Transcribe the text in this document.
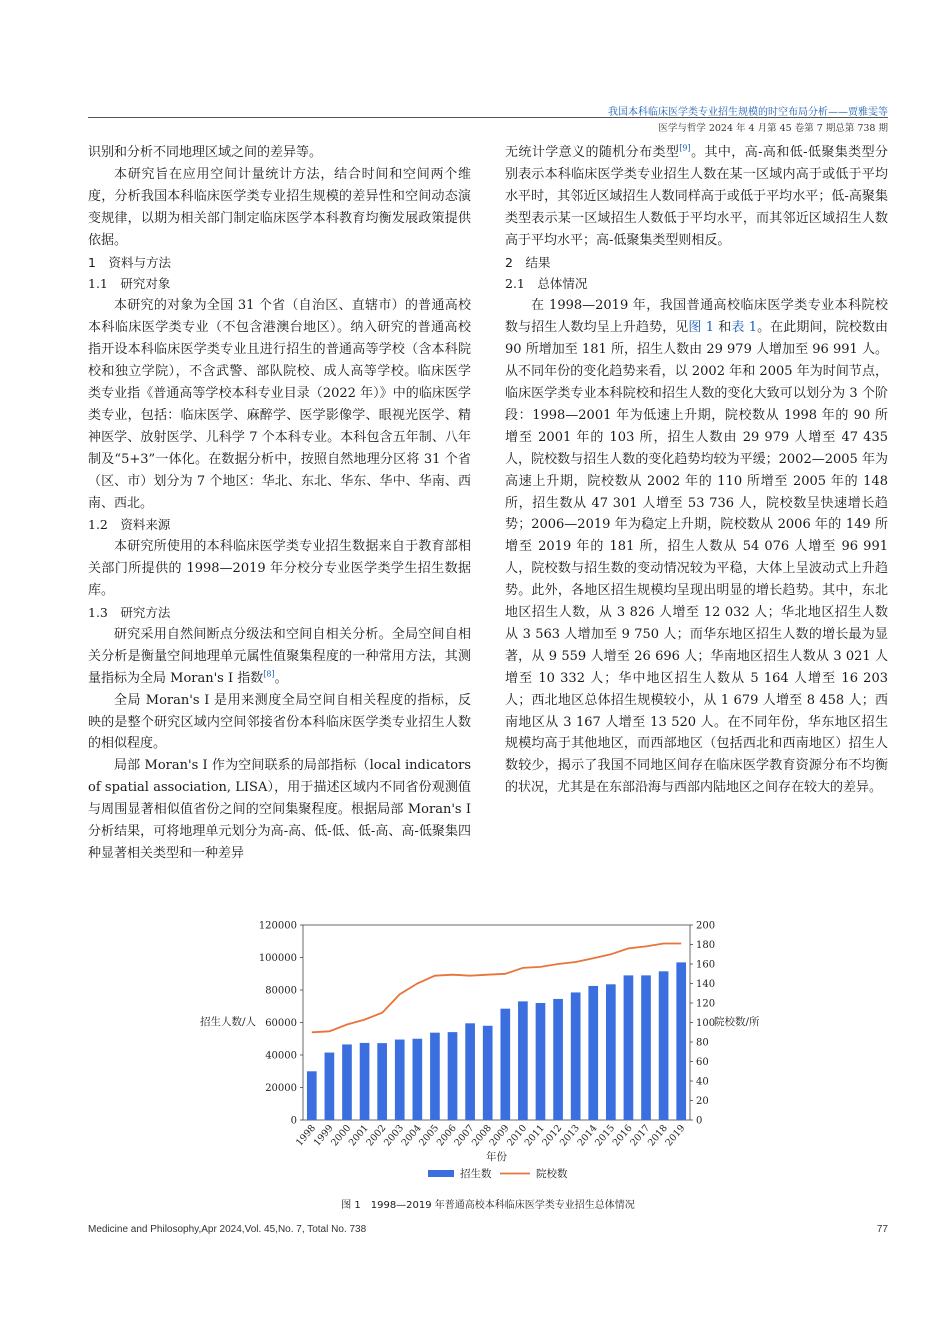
我国本科临床医学类专业招生规模的时空布局分析——贾雅雯等
医学与哲学 2024 年 4 月第 45 卷第 7 期总第 738 期

识别和分析不同地理区域之间的差异等。

本研究旨在应用空间计量统计方法，结合时间和空间两个维度，分析我国本科临床医学类专业招生规模的差异性和空间动态演变规律，以期为相关部门制定临床医学本科教育均衡发展政策提供依据。

1　资料与方法

1.1　研究对象

本研究的对象为全国 31 个省（自治区、直辖市）的普通高校本科临床医学类专业（不包含港澳台地区）。纳入研究的普通高校指开设本科临床医学类专业且进行招生的普通高等学校（含本科院校和独立学院），不含武警、部队院校、成人高等学校。临床医学类专业指《普通高等学校本科专业目录（2022 年）》中的临床医学类专业，包括：临床医学、麻醉学、医学影像学、眼视光医学、精神医学、放射医学、儿科学 7 个本科专业。本科包含五年制、八年制及“5+3”一体化。在数据分析中，按照自然地理分区将 31 个省（区、市）划分为 7 个地区：华北、东北、华东、华中、华南、西南、西北。

1.2　资料来源

本研究所使用的本科临床医学类专业招生数据来自于教育部相关部门所提供的 1998—2019 年分校分专业医学类学生招生数据库。

1.3　研究方法

研究采用自然间断点分级法和空间自相关分析。全局空间自相关分析是衡量空间地理单元属性值聚集程度的一种常用方法，其测量指标为全局 Moran's I 指数[8]。

全局 Moran's I 是用来测度全局空间自相关程度的指标，反映的是整个研究区域内空间邻接省份本科临床医学类专业招生人数的相似程度。

局部 Moran's I 作为空间联系的局部指标（local indicators of spatial association, LISA），用于描述区域内不同省份观测值与周围显著相似值省份之间的空间集聚程度。根据局部 Moran's I 分析结果，可将地理单元划分为高-高、低-低、低-高、高-低聚集四种显著相关类型和一种差异

无统计学意义的随机分布类型[9]。其中，高-高和低-低聚集类型分别表示本科临床医学类专业招生人数在某一区域内高于或低于平均水平时，其邻近区域招生人数同样高于或低于平均水平；低-高聚集类型表示某一区域招生人数低于平均水平，而其邻近区域招生人数高于平均水平；高-低聚集类型则相反。

2　结果

2.1　总体情况

在 1998—2019 年，我国普通高校临床医学类专业本科院校数与招生人数均呈上升趋势，见图 1 和表 1。在此期间，院校数由 90 所增加至 181 所，招生人数由 29 979 人增加至 96 991 人。从不同年份的变化趋势来看，以 2002 年和 2005 年为时间节点，临床医学类专业本科院校和招生人数的变化大致可以划分为 3 个阶段：1998—2001 年为低速上升期，院校数从 1998 年的 90 所增至 2001 年的 103 所，招生人数由 29 979 人增至 47 435 人，院校数与招生人数的变化趋势均较为平缓；2002—2005 年为高速上升期，院校数从 2002 年的 110 所增至 2005 年的 148 所，招生数从 47 301 人增至 53 736 人，院校数呈快速增长趋势；2006—2019 年为稳定上升期，院校数从 2006 年的 149 所增至 2019 年的 181 所，招生人数从 54 076 人增至 96 991 人，院校数与招生数的变动情况较为平稳，大体上呈波动式上升趋势。此外，各地区招生规模均呈现出明显的增长趋势。其中，东北地区招生人数，从 3 826 人增至 12 032 人；华北地区招生人数从 3 563 人增加至 9 750 人；而华东地区招生人数的增长最为显著，从 9 559 人增至 26 696 人；华南地区招生人数从 3 021 人增至 10 332 人；华中地区招生人数从 5 164 人增至 16 203 人；西北地区总体招生规模较小，从 1 679 人增至 8 458 人；西南地区从 3 167 人增至 13 520 人。在不同年份，华东地区招生规模均高于其他地区，而西部地区（包括西北和西南地区）招生人数较少，揭示了我国不同地区间存在临床医学教育资源分布不均衡的状况，尤其是在东部沿海与西部内陆地区之间存在较大的差异。

0
20000
40000
60000
80000
100000
120000
0
20
40
60
80
100
120
140
160
180
200
1998
1999
2000
2001
2002
2003
2004
2005
2006
2007
2008
2009
2010
2011
2012
2013
2014
2015
2016
2017
2018
2019
招生人数/人	院校数/所
年份
招生数	院校数
图 1　1998—2019 年普通高校本科临床医学类专业招生总体情况
Medicine and Philosophy,Apr 2024,Vol. 45,No. 7, Total No. 738	77
